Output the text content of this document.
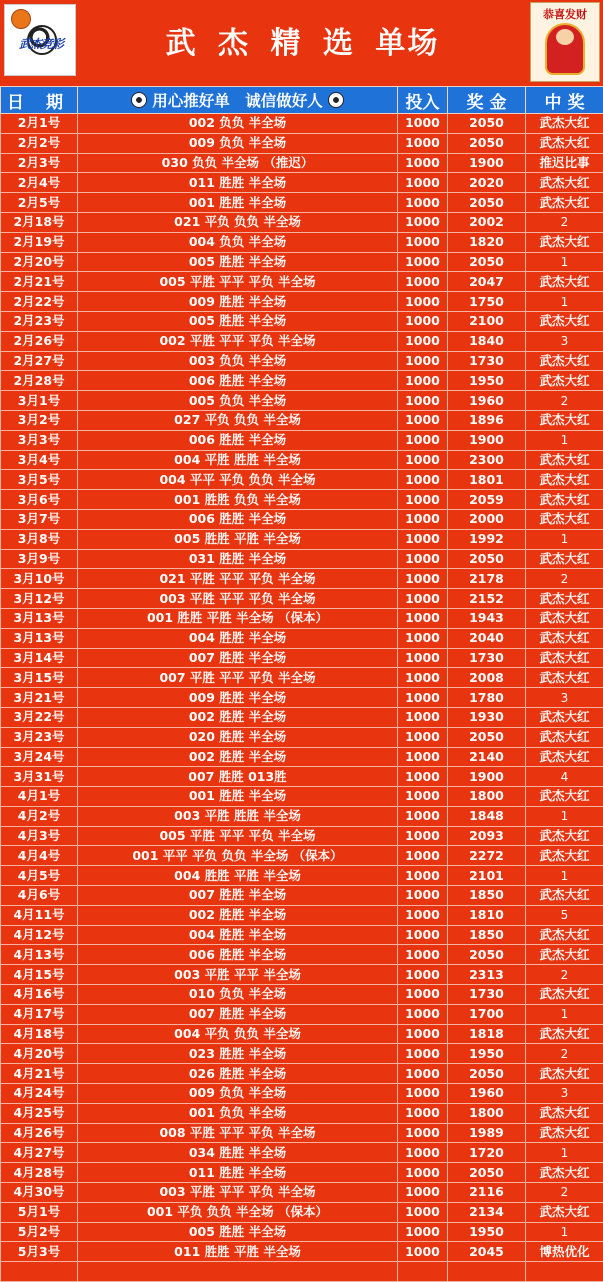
武杰竞彩	武 杰 精 选 单场
恭喜发财
日 期	用心推好单　诚信做好人	投入	奖 金	中 奖
2月1号	002 负负 半全场	1000	2050	武杰大红
2月2号	009 负负 半全场	1000	2050	武杰大红
2月3号	030 负负 半全场 （推迟）	1000	1900	推迟比事
2月4号	011 胜胜 半全场	1000	2020	武杰大红
2月5号	001 胜胜 半全场	1000	2050	武杰大红
2月18号	021 平负 负负 半全场	1000	2002	2
2月19号	004 负负 半全场	1000	1820	武杰大红
2月20号	005 胜胜 半全场	1000	2050	1
2月21号	005 平胜 平平 平负 半全场	1000	2047	武杰大红
2月22号	009 胜胜 半全场	1000	1750	1
2月23号	005 胜胜 半全场	1000	2100	武杰大红
2月26号	002 平胜 平平 平负 半全场	1000	1840	3
2月27号	003 负负 半全场	1000	1730	武杰大红
2月28号	006 胜胜 半全场	1000	1950	武杰大红
3月1号	005 负负 半全场	1000	1960	2
3月2号	027 平负 负负 半全场	1000	1896	武杰大红
3月3号	006 胜胜 半全场	1000	1900	1
3月4号	004 平胜 胜胜 半全场	1000	2300	武杰大红
3月5号	004 平平 平负 负负 半全场	1000	1801	武杰大红
3月6号	001 胜胜 负负 半全场	1000	2059	武杰大红
3月7号	006 胜胜 半全场	1000	2000	武杰大红
3月8号	005 胜胜 平胜 半全场	1000	1992	1
3月9号	031 胜胜 半全场	1000	2050	武杰大红
3月10号	021 平胜 平平 平负 半全场	1000	2178	2
3月12号	003 平胜 平平 平负 半全场	1000	2152	武杰大红
3月13号	001 胜胜 平胜 半全场 （保本）	1000	1943	武杰大红
3月13号	004 胜胜 半全场	1000	2040	武杰大红
3月14号	007 胜胜 半全场	1000	1730	武杰大红
3月15号	007 平胜 平平 平负 半全场	1000	2008	武杰大红
3月21号	009 胜胜 半全场	1000	1780	3
3月22号	002 胜胜 半全场	1000	1930	武杰大红
3月23号	020 胜胜 半全场	1000	2050	武杰大红
3月24号	002 胜胜 半全场	1000	2140	武杰大红
3月31号	007 胜胜 013胜	1000	1900	4
4月1号	001 胜胜 半全场	1000	1800	武杰大红
4月2号	003 平胜 胜胜 半全场	1000	1848	1
4月3号	005 平胜 平平 平负 半全场	1000	2093	武杰大红
4月4号	001 平平 平负 负负 半全场 （保本）	1000	2272	武杰大红
4月5号	004 胜胜 平胜 半全场	1000	2101	1
4月6号	007 胜胜 半全场	1000	1850	武杰大红
4月11号	002 胜胜 半全场	1000	1810	5
4月12号	004 胜胜 半全场	1000	1850	武杰大红
4月13号	006 胜胜 半全场	1000	2050	武杰大红
4月15号	003 平胜 平平 半全场	1000	2313	2
4月16号	010 负负 半全场	1000	1730	武杰大红
4月17号	007 胜胜 半全场	1000	1700	1
4月18号	004 平负 负负 半全场	1000	1818	武杰大红
4月20号	023 胜胜 半全场	1000	1950	2
4月21号	026 胜胜 半全场	1000	2050	武杰大红
4月24号	009 负负 半全场	1000	1960	3
4月25号	001 负负 半全场	1000	1800	武杰大红
4月26号	008 平胜 平平 平负 半全场	1000	1989	武杰大红
4月27号	034 胜胜 半全场	1000	1720	1
4月28号	011 胜胜 半全场	1000	2050	武杰大红
4月30号	003 平胜 平平 平负 半全场	1000	2116	2
5月1号	001 平负 负负 半全场 （保本）	1000	2134	武杰大红
5月2号	005 胜胜 半全场	1000	1950	1
5月3号	011 胜胜 平胜 半全场	1000	2045	博热优化
